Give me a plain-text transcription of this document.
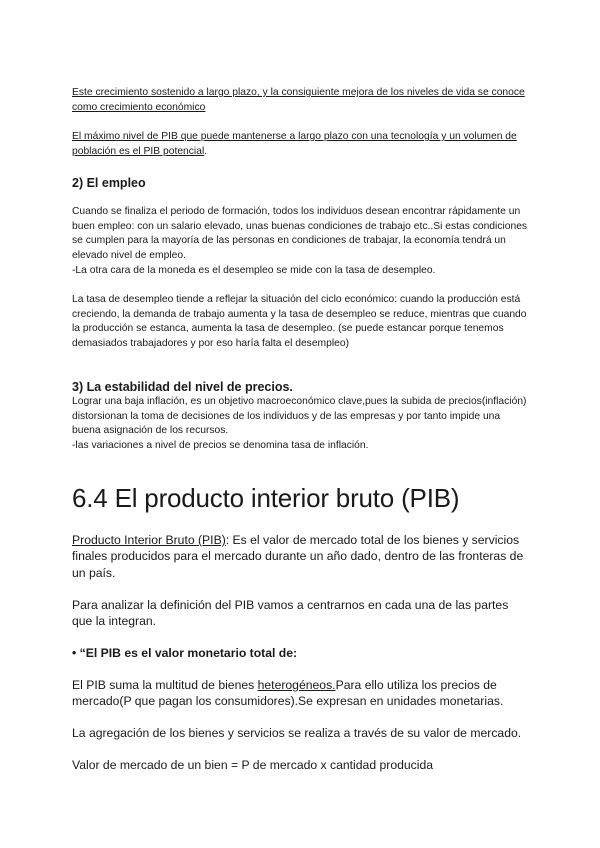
Este crecimiento sostenido a largo plazo, y la consiguiente mejora de los niveles de vida se conoce como crecimiento económico

El máximo nivel de PIB que puede mantenerse a largo plazo con una tecnología y un volumen de población es el PIB potencial.

2) El empleo

Cuando se finaliza el periodo de formación, todos los individuos desean encontrar rápidamente un buen empleo: con un salario elevado, unas buenas condiciones de trabajo etc..Si estas condiciones se cumplen para la mayoría de las personas en condiciones de trabajar, la economía tendrá un elevado nivel de empleo.

-La otra cara de la moneda es el desempleo se mide con la tasa de desempleo.

La tasa de desempleo tiende a reflejar la situación del ciclo económico: cuando la producción está creciendo, la demanda de trabajo aumenta y la tasa de desempleo se reduce, mientras que cuando la producción se estanca, aumenta la tasa de desempleo. (se puede estancar porque tenemos demasiados trabajadores y por eso haría falta el desempleo)

3) La estabilidad del nivel de precios.

Lograr una baja inflación, es un objetivo macroeconómico clave,pues la subida de precios(inflación) distorsionan la toma de decisiones de los individuos y de las empresas y por tanto impide una buena asignación de los recursos.

-las variaciones a nivel de precios se denomina tasa de inflación.

6.4 El producto interior bruto (PIB)

Producto Interior Bruto (PIB): Es el valor de mercado total de los bienes y servicios finales producidos para el mercado durante un año dado, dentro de las fronteras de un país.

Para analizar la definición del PIB vamos a centrarnos en cada una de las partes que la integran.

• “El PIB es el valor monetario total de:

El PIB suma la multitud de bienes heterogéneos.Para ello utiliza los precios de mercado(P que pagan los consumidores).Se expresan en unidades monetarias.

La agregación de los bienes y servicios se realiza a través de su valor de mercado.

Valor de mercado de un bien = P de mercado x cantidad producida
